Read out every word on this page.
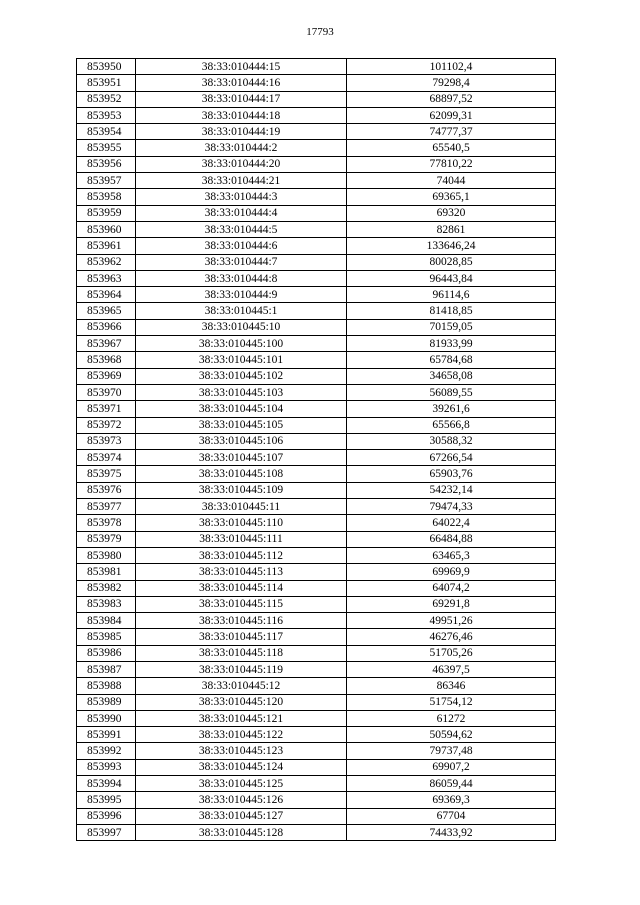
17793
853950	38:33:010444:15	101102,4
853951	38:33:010444:16	79298,4
853952	38:33:010444:17	68897,52
853953	38:33:010444:18	62099,31
853954	38:33:010444:19	74777,37
853955	38:33:010444:2	65540,5
853956	38:33:010444:20	77810,22
853957	38:33:010444:21	74044
853958	38:33:010444:3	69365,1
853959	38:33:010444:4	69320
853960	38:33:010444:5	82861
853961	38:33:010444:6	133646,24
853962	38:33:010444:7	80028,85
853963	38:33:010444:8	96443,84
853964	38:33:010444:9	96114,6
853965	38:33:010445:1	81418,85
853966	38:33:010445:10	70159,05
853967	38:33:010445:100	81933,99
853968	38:33:010445:101	65784,68
853969	38:33:010445:102	34658,08
853970	38:33:010445:103	56089,55
853971	38:33:010445:104	39261,6
853972	38:33:010445:105	65566,8
853973	38:33:010445:106	30588,32
853974	38:33:010445:107	67266,54
853975	38:33:010445:108	65903,76
853976	38:33:010445:109	54232,14
853977	38:33:010445:11	79474,33
853978	38:33:010445:110	64022,4
853979	38:33:010445:111	66484,88
853980	38:33:010445:112	63465,3
853981	38:33:010445:113	69969,9
853982	38:33:010445:114	64074,2
853983	38:33:010445:115	69291,8
853984	38:33:010445:116	49951,26
853985	38:33:010445:117	46276,46
853986	38:33:010445:118	51705,26
853987	38:33:010445:119	46397,5
853988	38:33:010445:12	86346
853989	38:33:010445:120	51754,12
853990	38:33:010445:121	61272
853991	38:33:010445:122	50594,62
853992	38:33:010445:123	79737,48
853993	38:33:010445:124	69907,2
853994	38:33:010445:125	86059,44
853995	38:33:010445:126	69369,3
853996	38:33:010445:127	67704
853997	38:33:010445:128	74433,92
